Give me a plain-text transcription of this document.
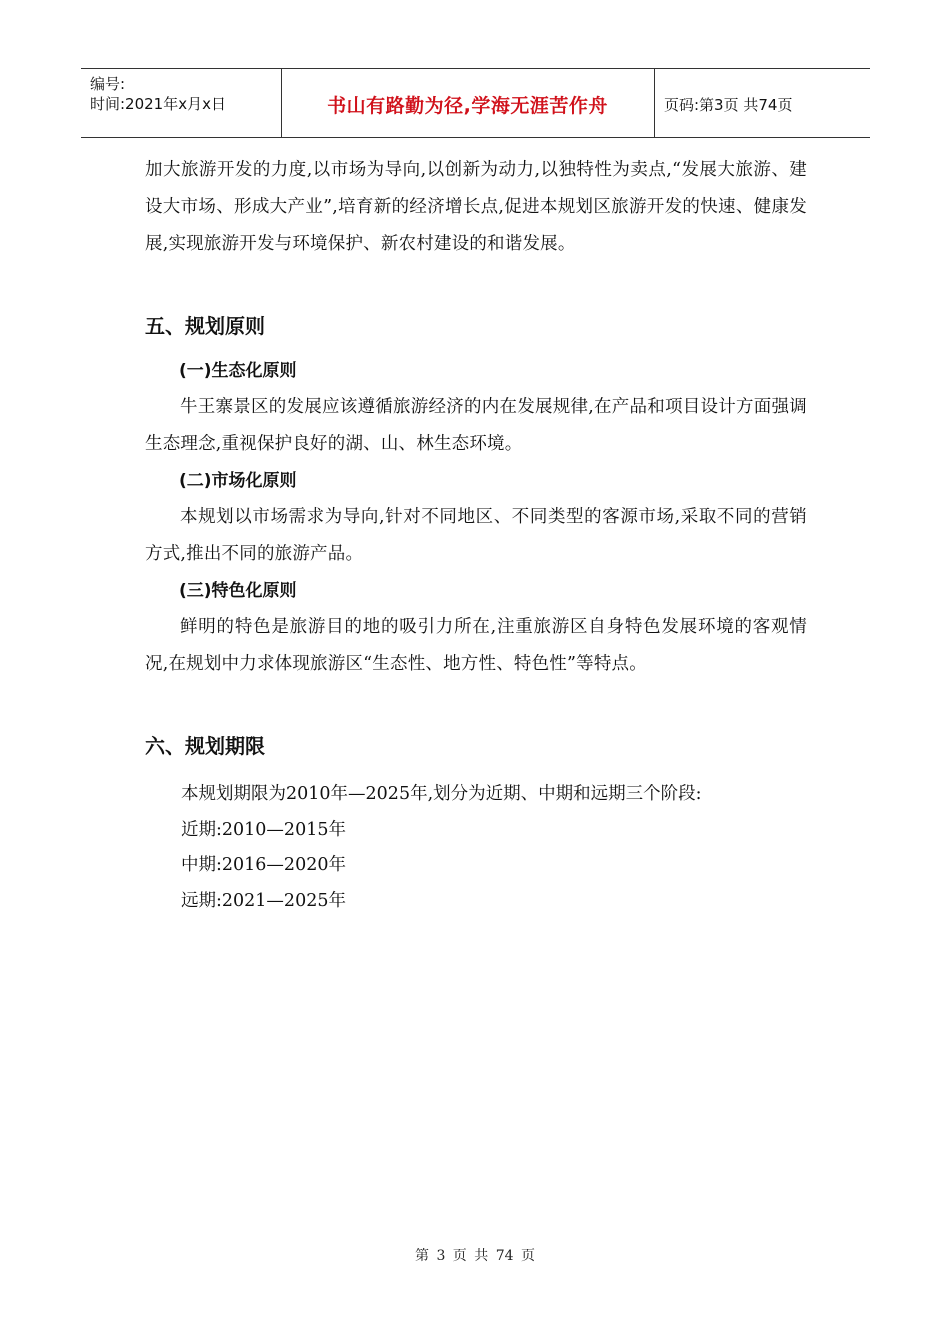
编号:
时间:2021年x月x日	书山有路勤为径,学海无涯苦作舟	页码:第3页 共74页

加大旅游开发的力度,以市场为导向,以创新为动力,以独特性为卖点,“发展大旅游、建设大市场、形成大产业”,培育新的经济增长点,促进本规划区旅游开发的快速、健康发展,实现旅游开发与环境保护、新农村建设的和谐发展。

五、规划原则
(一)生态化原则

牛王寨景区的发展应该遵循旅游经济的内在发展规律,在产品和项目设计方面强调生态理念,重视保护良好的湖、山、林生态环境。

(二)市场化原则

本规划以市场需求为导向,针对不同地区、不同类型的客源市场,采取不同的营销方式,推出不同的旅游产品。

(三)特色化原则

鲜明的特色是旅游目的地的吸引力所在,注重旅游区自身特色发展环境的客观情况,在规划中力求体现旅游区“生态性、地方性、特色性”等特点。

六、规划期限

本规划期限为2010年—2025年,划分为近期、中期和远期三个阶段:

近期:2010—2015年

中期:2016—2020年

远期:2021—2025年

第 3 页 共 74 页
